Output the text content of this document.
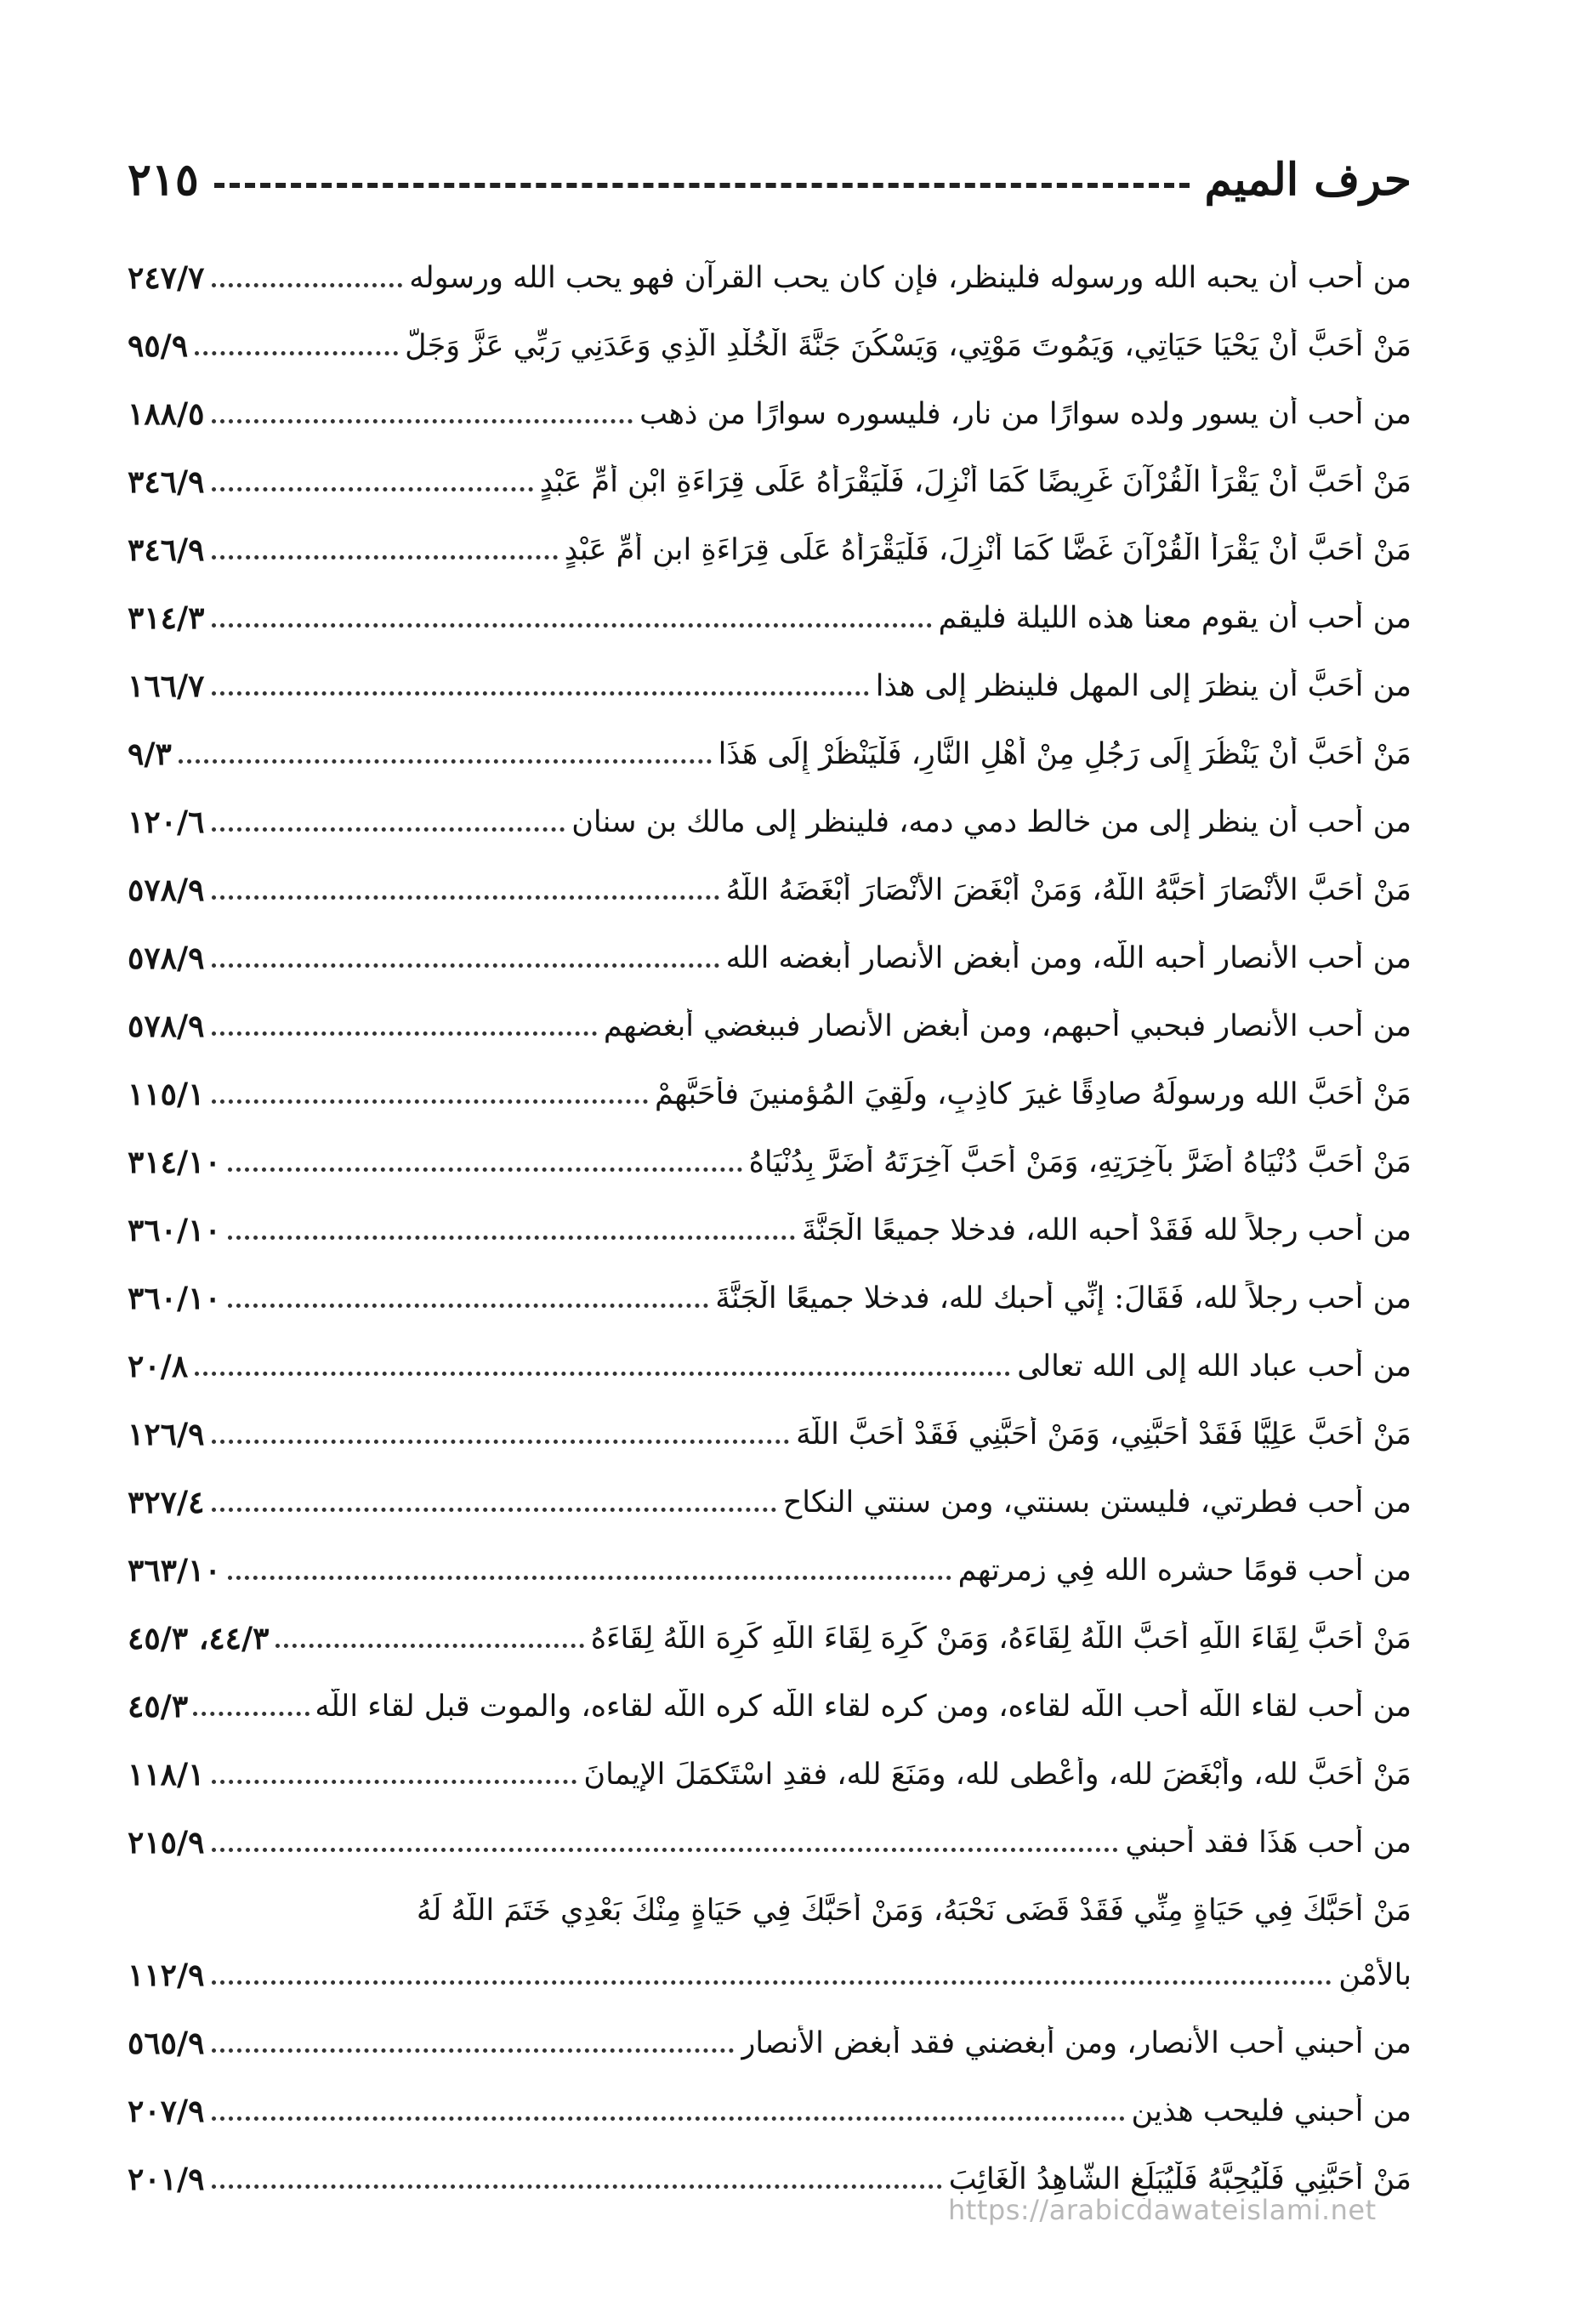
حرف الميم
٢١٥
من أحب أن يحبه الله ورسوله فلينظر، فإن كان يحب القرآن فهو يحب الله ورسوله
٢٤٧/٧
مَنْ أَحَبَّ أَنْ يَحْيَا حَيَاتِي، وَيَمُوتَ مَوْتِي، وَيَسْكُنَ جَنَّةَ الْخُلْدِ الَّذِي وَعَدَنِي رَبِّي عَزَّ وَجَلَّ
٩٥/٩
من أحب أن يسور ولده سوارًا من نار، فليسوره سوارًا من ذهب
١٨٨/٥
مَنْ أَحَبَّ أَنْ يَقْرَأَ الْقُرْآنَ غَرِيضًا كَمَا أُنْزِلَ، فَلْيَقْرَأْهُ عَلَى قِرَاءَةِ ابْنِ أُمِّ عَبْدٍ
٣٤٦/٩
مَنْ أَحَبَّ أَنْ يَقْرَأَ الْقُرْآنَ غَضًّا كَمَا أُنْزِلَ، فَلْيَقْرَأْهُ عَلَى قِرَاءَةِ ابنِ أُمِّ عَبْدٍ
٣٤٦/٩
من أحب أن يقوم معنا هذه الليلة فليقم
٣١٤/٣
من أَحَبَّ أن ينظرَ إلى المهل فلينظر إلى هذا
١٦٦/٧
مَنْ أَحَبَّ أَنْ يَنْظُرَ إِلَى رَجُلٍ مِنْ أَهْلِ النَّارِ، فَلْيَنْظُرْ إِلَى هَذَا
٩/٣
من أحب أن ينظر إلى من خالط دمي دمه، فلينظر إلى مالك بن سنان
١٢٠/٦
مَنْ أَحَبَّ الأَنْصَارَ أَحَبَّهُ اللَّهُ، وَمَنْ أَبْغَضَ الأَنْصَارَ أَبْغَضَهُ اللَّهُ
٥٧٨/٩
من أحب الأنصار أحبه اللَّه، ومن أبغض الأنصار أبغضه الله
٥٧٨/٩
من أحب الأنصار فبحبي أحبهم، ومن أبغض الأنصار فببغضي أبغضهم
٥٧٨/٩
مَنْ أَحَبَّ الله ورسولَهُ صادِقًا غيرَ كاذِبٍ، ولَقِيَ المُؤمنينَ فأَحَبَّهمْ
١١٥/١
مَنْ أَحَبَّ دُنْيَاهُ أَضَرَّ بآخِرَتِهِ، وَمَنْ أَحَبَّ آخِرَتَهُ أَضَرَّ بِدُنْيَاهُ
٣١٤/١٠
من أحب رجلاً لله فَقَدْ أحبه الله، فدخلا جميعًا الْجَنَّةَ
٣٦٠/١٠
من أحب رجلاً لله، فَقَالَ: إنِّي أحبك لله، فدخلا جميعًا الْجَنَّةَ
٣٦٠/١٠
من أحب عباد الله إلى الله تعالى
٢٠/٨
مَنْ أَحَبَّ عَلِيًّا فَقَدْ أَحَبَّنِي، وَمَنْ أَحَبَّنِي فَقَدْ أَحَبَّ اللَّهَ
١٢٦/٩
من أحب فطرتي، فليستن بسنتي، ومن سنتي النكاح
٣٢٧/٤
من أحب قومًا حشره الله فِي زمرتهم
٣٦٣/١٠
مَنْ أَحَبَّ لِقَاءَ اللَّهِ أَحَبَّ اللَّهُ لِقَاءَهُ، وَمَنْ كَرِهَ لِقَاءَ اللَّهِ كَرِهَ اللَّهُ لِقَاءَهُ
٤٤/٣، ٤٥/٣
من أحب لقاء اللَّه أحب اللَّه لقاءه، ومن كره لقاء اللَّه كره اللَّه لقاءه، والموت قبل لقاء اللَّه
٤٥/٣
مَنْ أَحَبَّ لله، وأَبْغَضَ لله، وأَعْطى لله، ومَنَعَ لله، فقدِ اسْتَكمَلَ الإيمانَ
١١٨/١
من أحب هَذَا فقد أحبني
٢١٥/٩
مَنْ أَحَبَّكَ فِي حَيَاةٍ مِنِّي فَقَدْ قَضَى نَحْبَهُ، وَمَنْ أَحَبَّكَ فِي حَيَاةٍ مِنْكَ بَعْدِي خَتَمَ اللَّهُ لَهُ
بالأَمْنِ
١١٢/٩
من أحبني أحب الأنصار، ومن أبغضني فقد أبغض الأنصار
٥٦٥/٩
من أحبني فليحب هذين
٢٠٧/٩
مَنْ أَحَبَّنِي فَلْيُحِبَّهُ فَلْيُبَلِّغِ الشَّاهِدُ الْغَائِبَ
٢٠١/٩
https://arabicdawateislami.net
